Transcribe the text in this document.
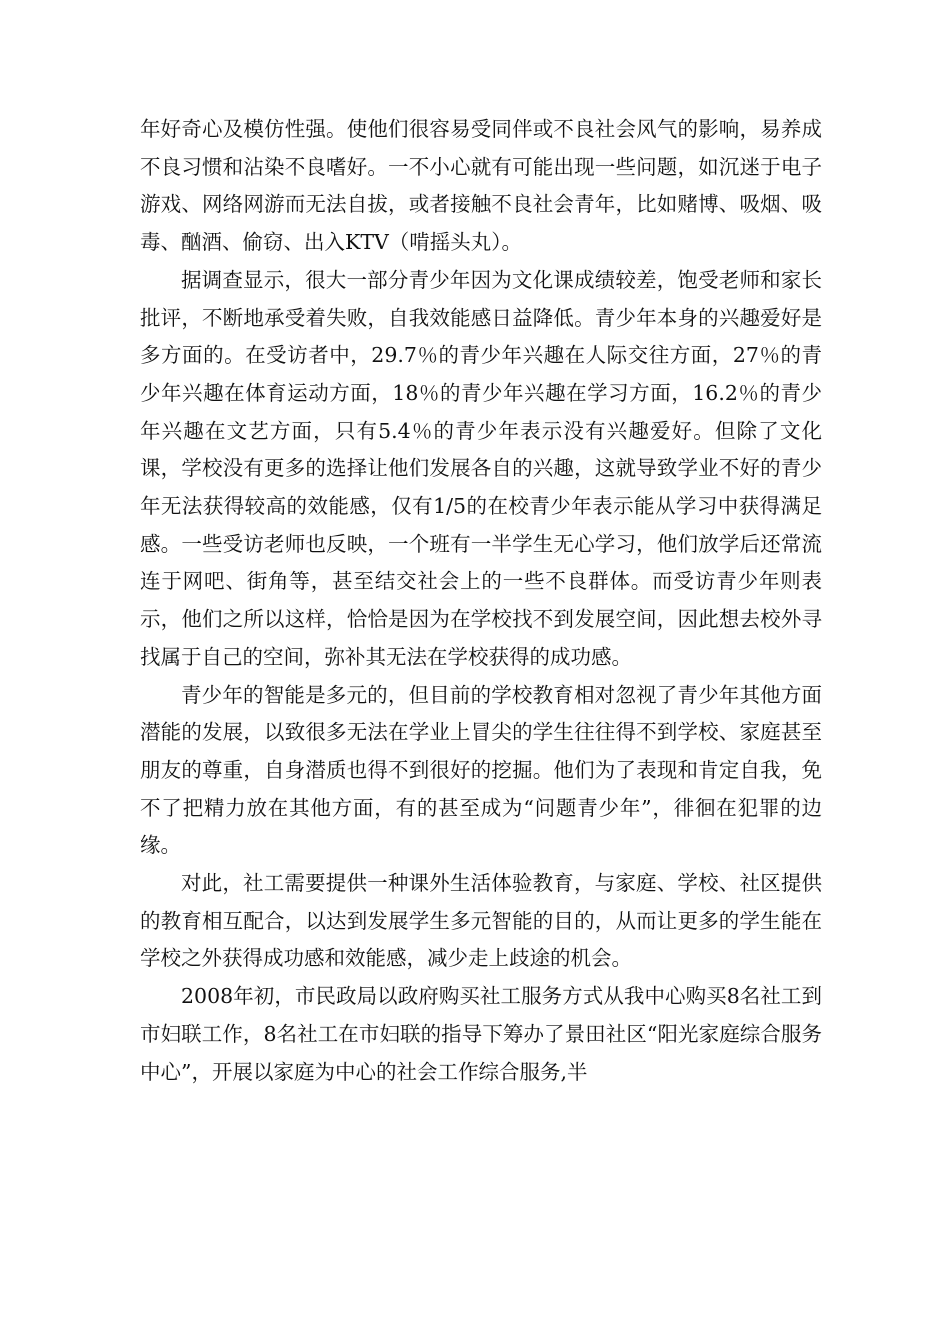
年好奇心及模仿性强。使他们很容易受同伴或不良社会风气的影响，易养成不良习惯和沾染不良嗜好。一不小心就有可能出现一些问题，如沉迷于电子游戏、网络网游而无法自拔，或者接触不良社会青年，比如赌博、吸烟、吸毒、酗酒、偷窃、出入KTV（啃摇头丸）。

据调查显示，很大一部分青少年因为文化课成绩较差，饱受老师和家长批评，不断地承受着失败，自我效能感日益降低。青少年本身的兴趣爱好是多方面的。在受访者中，29.7％的青少年兴趣在人际交往方面，27％的青少年兴趣在体育运动方面，18％的青少年兴趣在学习方面，16.2％的青少年兴趣在文艺方面，只有5.4％的青少年表示没有兴趣爱好。但除了文化课，学校没有更多的选择让他们发展各自的兴趣，这就导致学业不好的青少年无法获得较高的效能感，仅有1/5的在校青少年表示能从学习中获得满足感。一些受访老师也反映，一个班有一半学生无心学习，他们放学后还常流连于网吧、街角等，甚至结交社会上的一些不良群体。而受访青少年则表示，他们之所以这样，恰恰是因为在学校找不到发展空间，因此想去校外寻找属于自己的空间，弥补其无法在学校获得的成功感。

青少年的智能是多元的，但目前的学校教育相对忽视了青少年其他方面潜能的发展，以致很多无法在学业上冒尖的学生往往得不到学校、家庭甚至朋友的尊重，自身潜质也得不到很好的挖掘。他们为了表现和肯定自我，免不了把精力放在其他方面，有的甚至成为“问题青少年”，徘徊在犯罪的边缘。

对此，社工需要提供一种课外生活体验教育，与家庭、学校、社区提供的教育相互配合，以达到发展学生多元智能的目的，从而让更多的学生能在学校之外获得成功感和效能感，减少走上歧途的机会。

2008年初，市民政局以政府购买社工服务方式从我中心购买8名社工到市妇联工作，8名社工在市妇联的指导下筹办了景田社区“阳光家庭综合服务中心”，开展以家庭为中心的社会工作综合服务,半
